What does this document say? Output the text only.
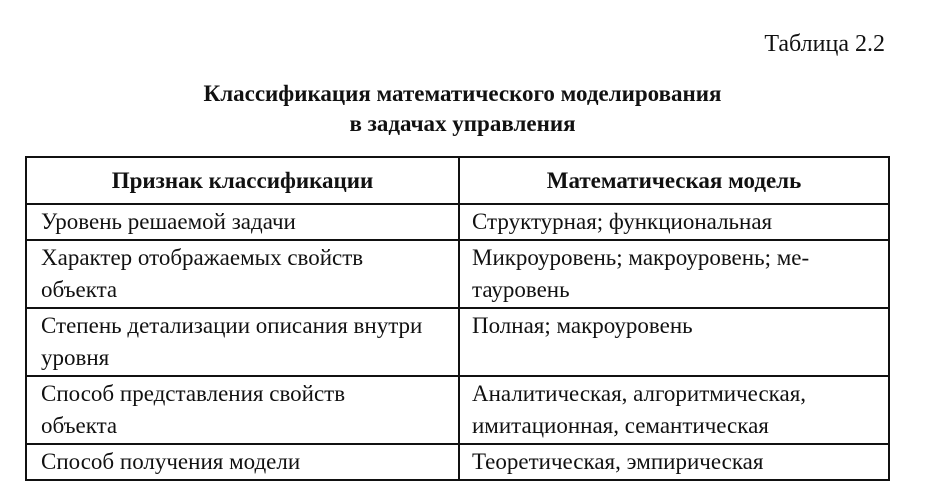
Таблица 2.2
Классификация математического моделирования
в задачах управления
Признак классификации	Математическая модель
Уровень решаемой задачи	Структурная; функциональная
Характер отображаемых свойств объекта	Микроуровень; макроуровень; ме- тауровень
Степень детализации описания внутри уровня	Полная; макроуровень
Способ представления свойств объекта	Аналитическая, алгоритмическая, имитационная, семантическая
Способ получения модели	Теоретическая, эмпирическая
